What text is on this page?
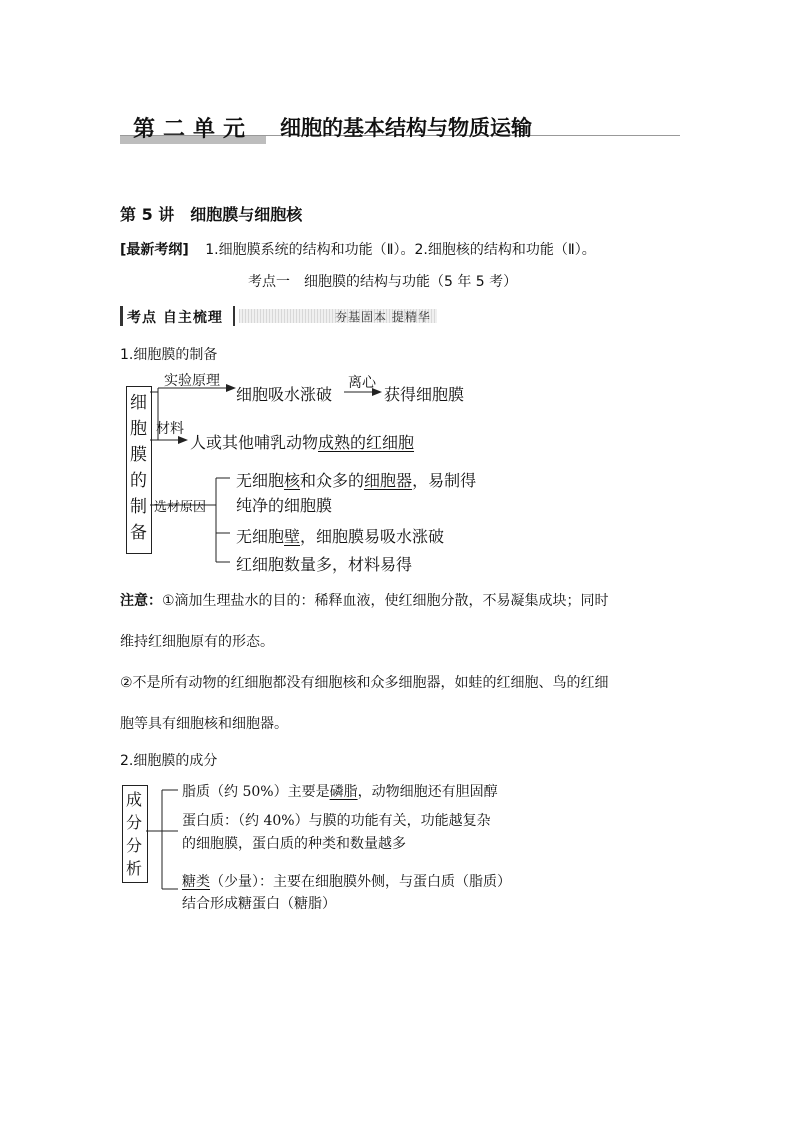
第二单元 细胞的基本结构与物质运输
第 5 讲　细胞膜与细胞核
[最新考纲] 1.细胞膜系统的结构和功能（Ⅱ）。2.细胞核的结构和功能（Ⅱ）。
考点一　细胞膜的结构与功能（5 年 5 考）
考点 自主梳理	夯基固本 提精华
1.细胞膜的制备
细
胞
膜
的
制
备
实验原理
细胞吸水涨破
离心
获得细胞膜
材料
人或其他哺乳动物成熟的红细胞
选材原因
无细胞核和众多的细胞器，易制得
纯净的细胞膜
无细胞壁，细胞膜易吸水涨破
红细胞数量多，材料易得
注意：①滴加生理盐水的目的：稀释血液，使红细胞分散，不易凝集成块；同时
维持红细胞原有的形态。
②不是所有动物的红细胞都没有细胞核和众多细胞器，如蛙的红细胞、鸟的红细
胞等具有细胞核和细胞器。
2.细胞膜的成分
成
分
分
析
脂质（约 50%）主要是磷脂，动物细胞还有胆固醇
蛋白质：（约 40%）与膜的功能有关，功能越复杂
的细胞膜，蛋白质的种类和数量越多
糖类（少量）：主要在细胞膜外侧，与蛋白质（脂质）
结合形成糖蛋白（糖脂）
